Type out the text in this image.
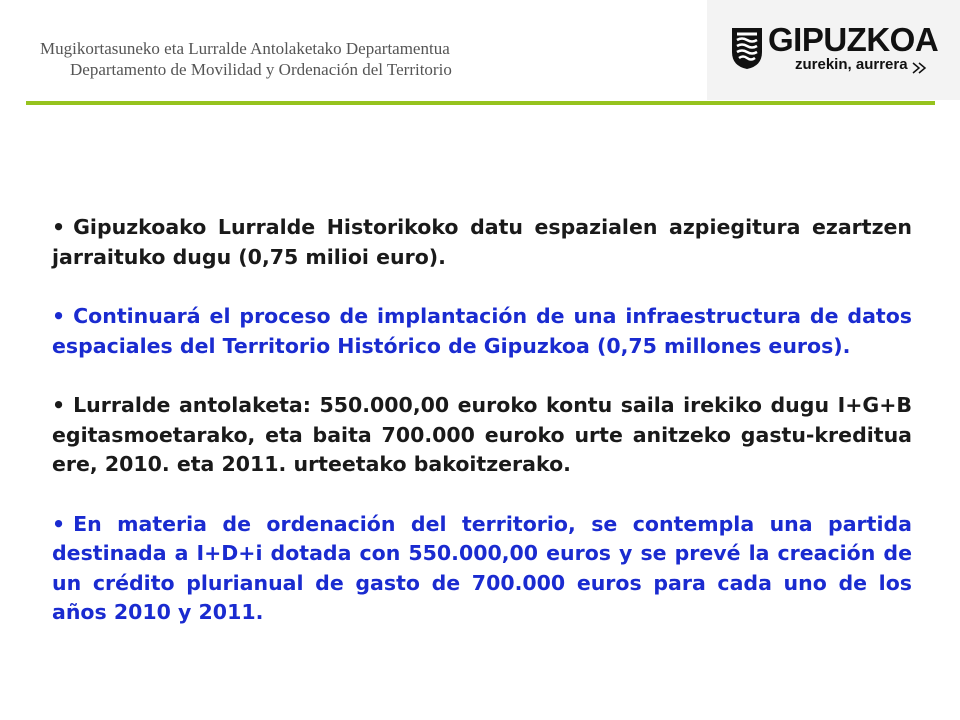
Mugikortasuneko eta Lurralde Antolaketako Departamentua
Departamento de Movilidad y Ordenación del Territorio
GIPUZKOA
zurekin, aurrera

• Gipuzkoako Lurralde Historikoko datu espazialen azpiegitura ezartzen jarraituko dugu (0,75 milioi euro).

• Continuará el proceso de implantación de una infraestructura de datos espaciales del Territorio Histórico de Gipuzkoa (0,75 millones euros).

• Lurralde antolaketa: 550.000,00 euroko kontu saila irekiko dugu I+G+B egitasmoetarako, eta baita 700.000 euroko urte anitzeko gastu-kreditua ere, 2010. eta 2011. urteetako bakoitzerako.

• En materia de ordenación del territorio, se contempla una partida destinada a I+D+i dotada con 550.000,00 euros y se prevé la creación de un crédito plurianual de gasto de 700.000 euros para cada uno de los años 2010 y 2011.
